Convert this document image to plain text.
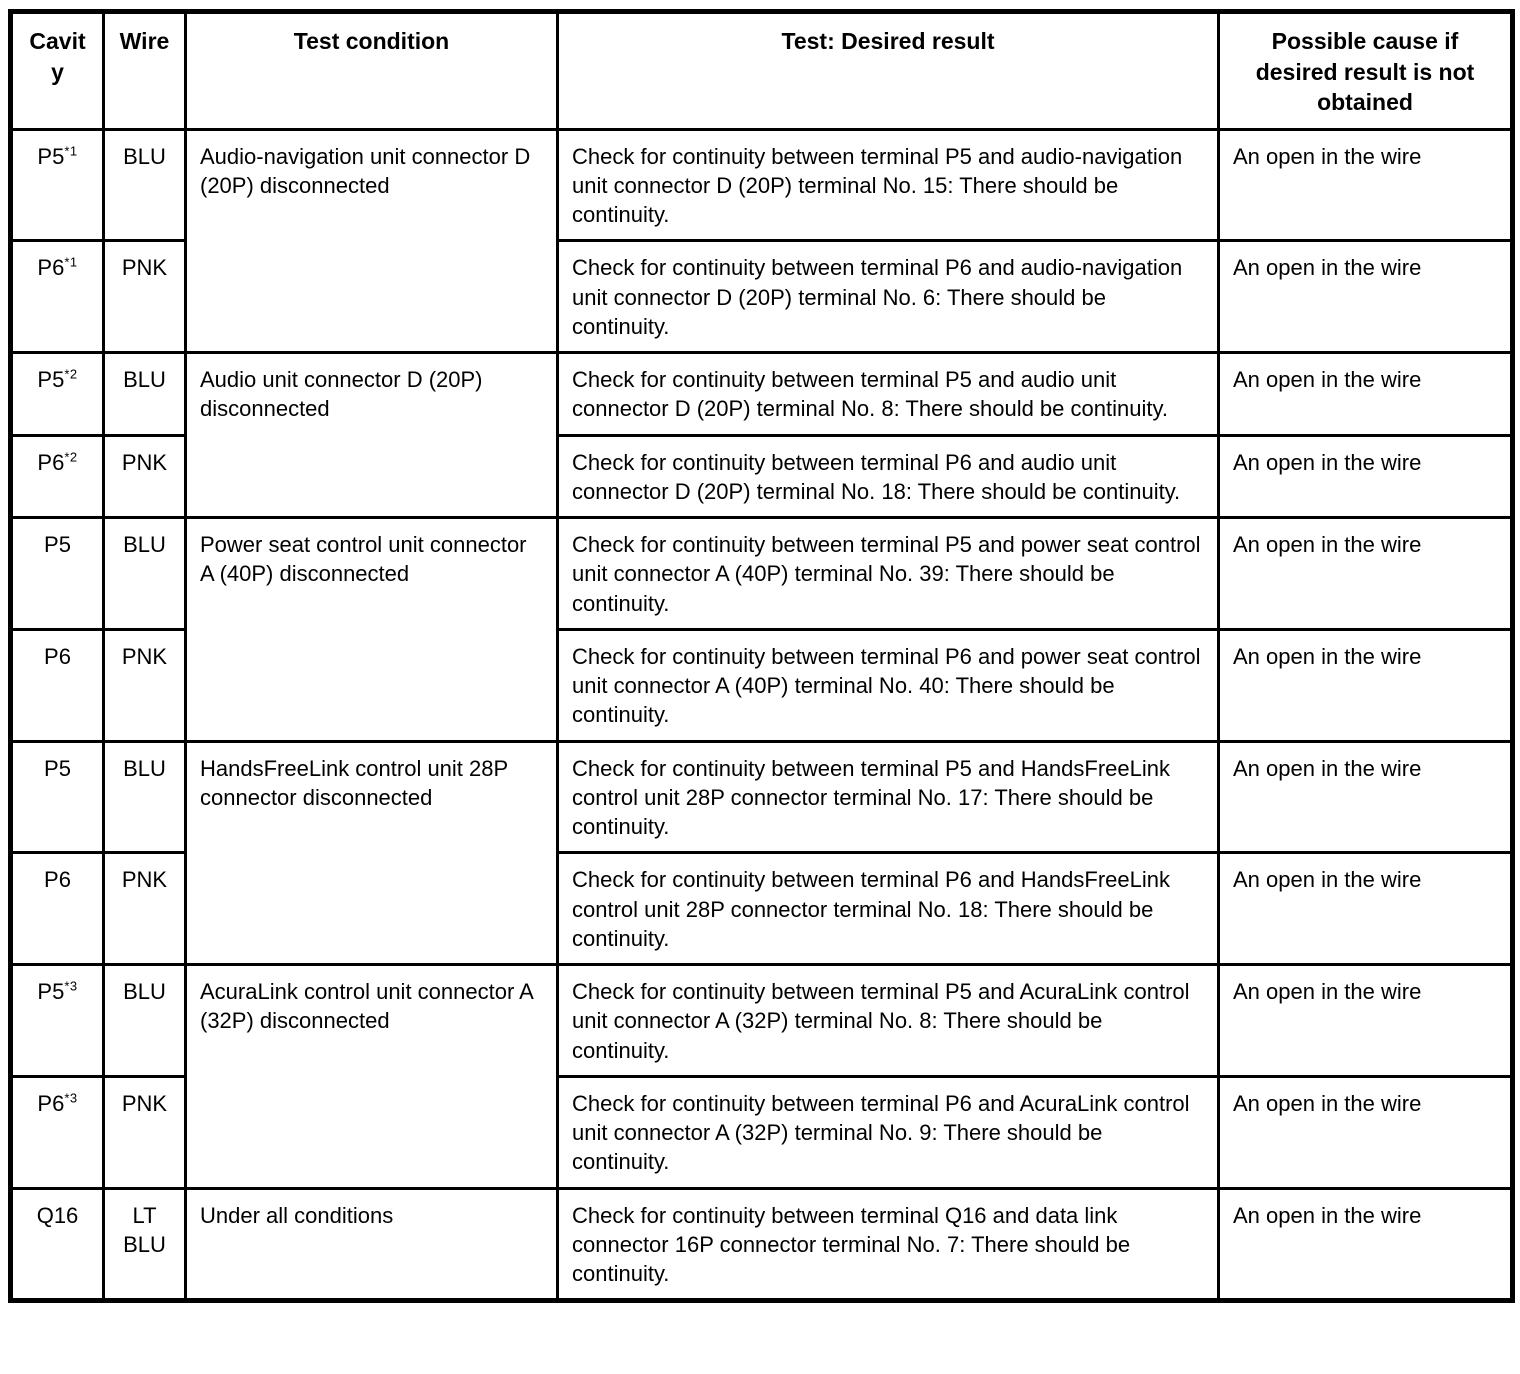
Cavity	Wire	Test condition	Test: Desired result	Possible cause if desired result is not obtained
P5$^{*1}$	BLU	Audio-navigation unit connector D (20P) disconnected	Check for continuity between terminal P5 and audio-navigation unit connector D (20P) terminal No. 15: There should be continuity.	An open in the wire
P6$^{*1}$	PNK		Check for continuity between terminal P6 and audio-navigation unit connector D (20P) terminal No. 6: There should be continuity.	An open in the wire
P5$^{*2}$	BLU	Audio unit connector D (20P) disconnected	Check for continuity between terminal P5 and audio unit connector D (20P) terminal No. 8: There should be continuity.	An open in the wire
P6$^{*2}$	PNK		Check for continuity between terminal P6 and audio unit connector D (20P) terminal No. 18: There should be continuity.	An open in the wire
P5	BLU	Power seat control unit connector A (40P) disconnected	Check for continuity between terminal P5 and power seat control unit connector A (40P) terminal No. 39: There should be continuity.	An open in the wire
P6	PNK		Check for continuity between terminal P6 and power seat control unit connector A (40P) terminal No. 40: There should be continuity.	An open in the wire
P5	BLU	HandsFreeLink control unit 28P connector disconnected	Check for continuity between terminal P5 and HandsFreeLink control unit 28P connector terminal No. 17: There should be continuity.	An open in the wire
P6	PNK		Check for continuity between terminal P6 and HandsFreeLink control unit 28P connector terminal No. 18: There should be continuity.	An open in the wire
P5$^{*3}$	BLU	AcuraLink control unit connector A (32P) disconnected	Check for continuity between terminal P5 and AcuraLink control unit connector A (32P) terminal No. 8: There should be continuity.	An open in the wire
P6$^{*3}$	PNK		Check for continuity between terminal P6 and AcuraLink control unit connector A (32P) terminal No. 9: There should be continuity.	An open in the wire
Q16	LT BLU	Under all conditions	Check for continuity between terminal Q16 and data link connector 16P connector terminal No. 7: There should be continuity.	An open in the wire
